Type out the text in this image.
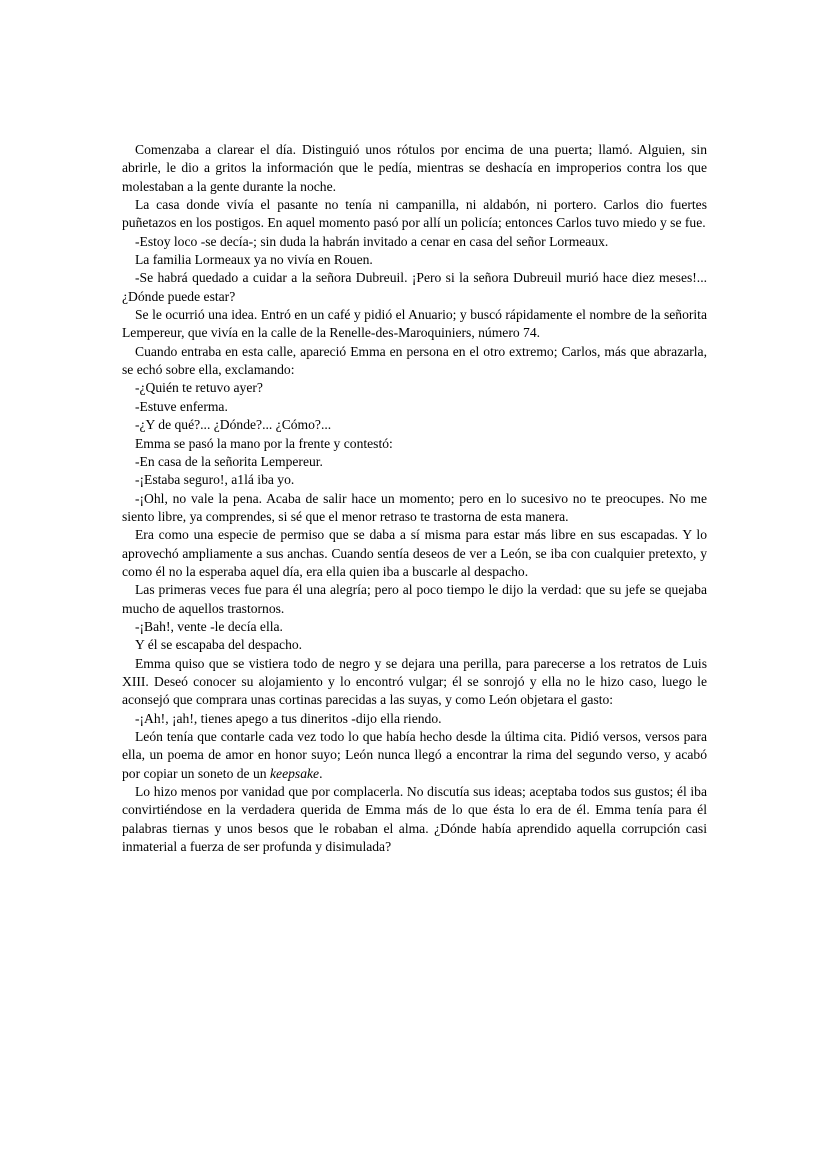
Comenzaba a clarear el día. Distinguió unos rótulos por encima de una puerta; llamó. Alguien, sin abrirle, le dio a gritos la información que le pedía, mientras se deshacía en improperios contra los que molestaban a la gente durante la noche.

La casa donde vivía el pasante no tenía ni campanilla, ni aldabón, ni portero. Carlos dio fuertes puñetazos en los postigos. En aquel momento pasó por allí un policía; entonces Carlos tuvo miedo y se fue.

-Estoy loco -se decía-; sin duda la habrán invitado a cenar en casa del señor Lormeaux.

La familia Lormeaux ya no vivía en Rouen.

-Se habrá quedado a cuidar a la señora Dubreuil. ¡Pero si la señora Dubreuil murió hace diez meses!... ¿Dónde puede estar?

Se le ocurrió una idea. Entró en un café y pidió el Anuario; y buscó rápidamente el nombre de la señorita Lempereur, que vivía en la calle de la Renelle-des-Maroquiniers, número 74.

Cuando entraba en esta calle, apareció Emma en persona en el otro extremo; Carlos, más que abrazarla, se echó sobre ella, exclamando:

-¿Quién te retuvo ayer?

-Estuve enferma.

-¿Y de qué?... ¿Dónde?... ¿Cómo?...

Emma se pasó la mano por la frente y contestó:

-En casa de la señorita Lempereur.

-¡Estaba seguro!, a1lá iba yo.

-¡Ohl, no vale la pena. Acaba de salir hace un momento; pero en lo sucesivo no te preocupes. No me siento libre, ya comprendes, si sé que el menor retraso te trastorna de esta manera.

Era como una especie de permiso que se daba a sí misma para estar más libre en sus escapadas. Y lo aprovechó ampliamente a sus anchas. Cuando sentía deseos de ver a León, se iba con cualquier pretexto, y como él no la esperaba aquel día, era ella quien iba a buscarle al despacho.

Las primeras veces fue para él una alegría; pero al poco tiempo le dijo la verdad: que su jefe se quejaba mucho de aquellos trastornos.

-¡Bah!, vente -le decía ella.

Y él se escapaba del despacho.

Emma quiso que se vistiera todo de negro y se dejara una perilla, para parecerse a los retratos de Luis XIII. Deseó conocer su alojamiento y lo encontró vulgar; él se sonrojó y ella no le hizo caso, luego le aconsejó que comprara unas cortinas parecidas a las suyas, y como León objetara el gasto:

-¡Ah!, ¡ah!, tienes apego a tus dineritos -dijo ella riendo.

León tenía que contarle cada vez todo lo que había hecho desde la última cita. Pidió versos, versos para ella, un poema de amor en honor suyo; León nunca llegó a encontrar la rima del segundo verso, y acabó por copiar un soneto de un keepsake.

Lo hizo menos por vanidad que por complacerla. No discutía sus ideas; aceptaba todos sus gustos; él iba convirtiéndose en la verdadera querida de Emma más de lo que ésta lo era de él. Emma tenía para él palabras tiernas y unos besos que le robaban el alma. ¿Dónde había aprendido aquella corrupción casi inmaterial a fuerza de ser profunda y disimulada?
